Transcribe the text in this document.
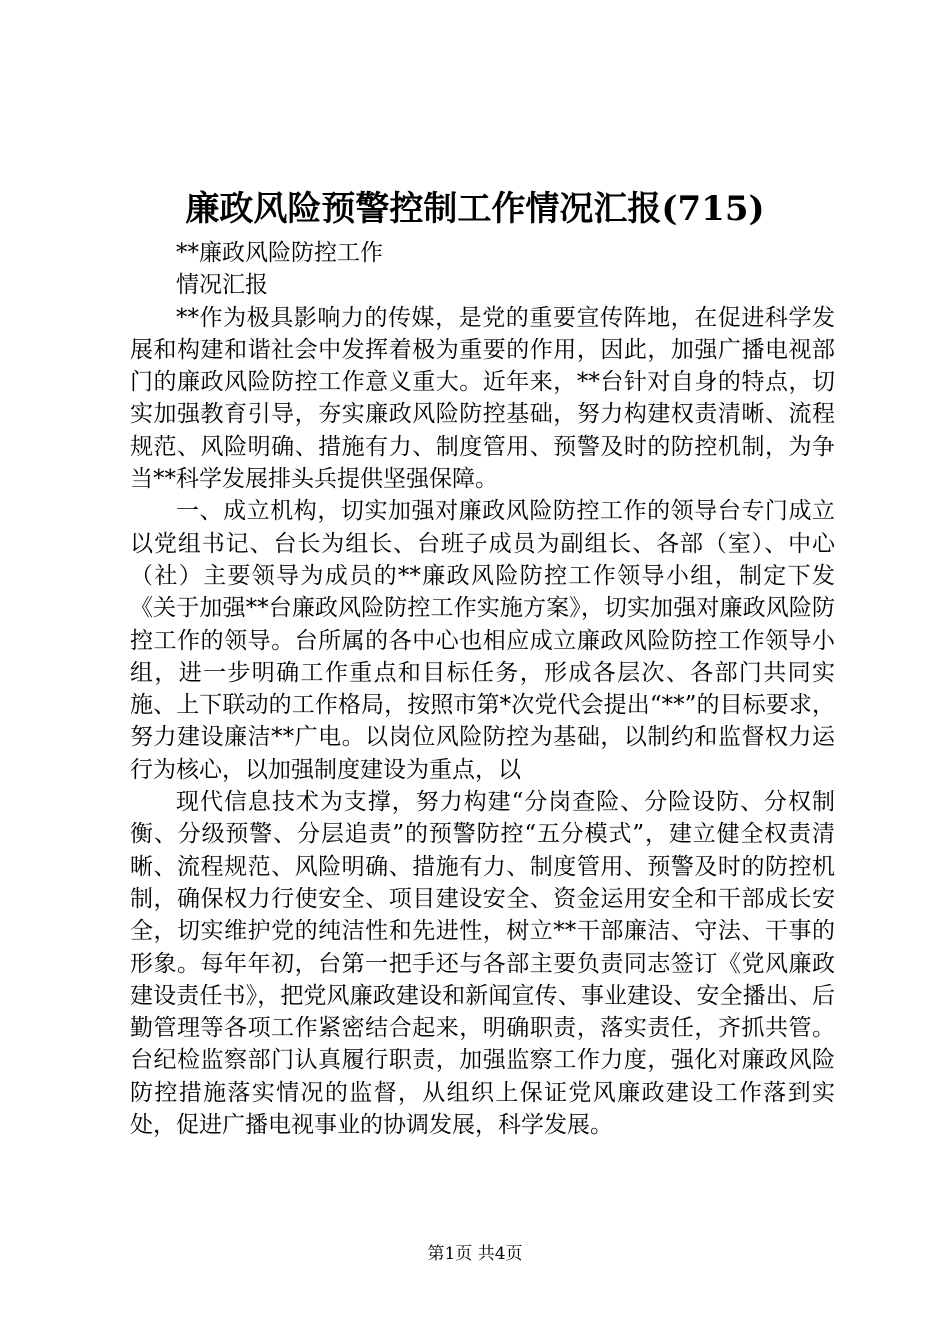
廉政风险预警控制工作情况汇报(715)

**廉政风险防控工作

情况汇报

**作为极具影响力的传媒，是党的重要宣传阵地，在促进科学发展和构建和谐社会中发挥着极为重要的作用，因此，加强广播电视部门的廉政风险防控工作意义重大。近年来，**台针对自身的特点，切实加强教育引导，夯实廉政风险防控基础，努力构建权责清晰、流程规范、风险明确、措施有力、制度管用、预警及时的防控机制，为争当**科学发展排头兵提供坚强保障。

一、成立机构，切实加强对廉政风险防控工作的领导台专门成立以党组书记、台长为组长、台班子成员为副组长、各部（室）、中心（社）主要领导为成员的**廉政风险防控工作领导小组，制定下发《关于加强**台廉政风险防控工作实施方案》，切实加强对廉政风险防控工作的领导。台所属的各中心也相应成立廉政风险防控工作领导小组，进一步明确工作重点和目标任务，形成各层次、各部门共同实施、上下联动的工作格局，按照市第*次党代会提出“**”的目标要求，努力建设廉洁**广电。以岗位风险防控为基础，以制约和监督权力运行为核心，以加强制度建设为重点，以

现代信息技术为支撑，努力构建“分岗查险、分险设防、分权制衡、分级预警、分层追责”的预警防控“五分模式”，建立健全权责清晰、流程规范、风险明确、措施有力、制度管用、预警及时的防控机制，确保权力行使安全、项目建设安全、资金运用安全和干部成长安全，切实维护党的纯洁性和先进性，树立**干部廉洁、守法、干事的形象。每年年初，台第一把手还与各部主要负责同志签订《党风廉政建设责任书》，把党风廉政建设和新闻宣传、事业建设、安全播出、后勤管理等各项工作紧密结合起来，明确职责，落实责任，齐抓共管。台纪检监察部门认真履行职责，加强监察工作力度，强化对廉政风险防控措施落实情况的监督，从组织上保证党风廉政建设工作落到实处，促进广播电视事业的协调发展，科学发展。

第1页 共4页
